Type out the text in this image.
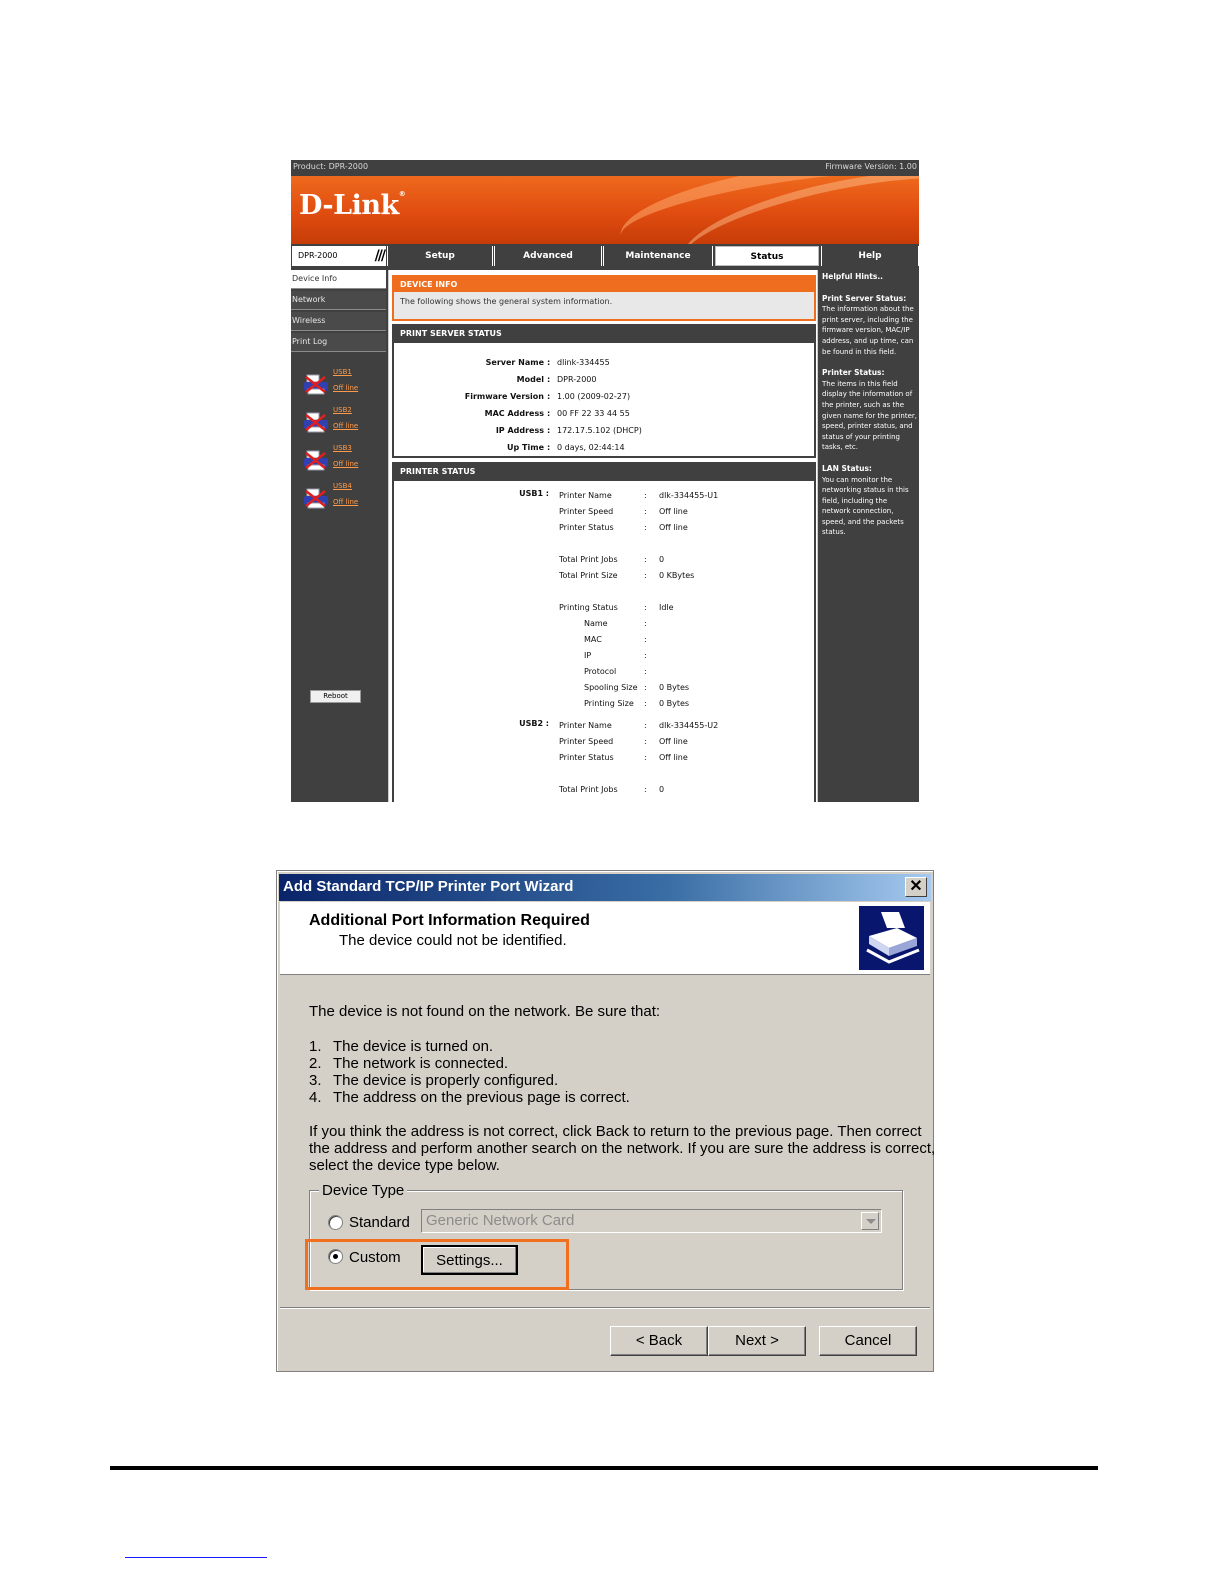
Product: DPR-2000	Firmware Version: 1.00
D-Link®
DPR-2000	///	Setup	Advanced	Maintenance	Status	Help
Device Info
Network
Wireless
Print Log
USB1
Off line
USB2
Off line
USB3
Off line
USB4
Off line
Reboot
DEVICE INFO
The following shows the general system information.
PRINT SERVER STATUS
Server Name : dlink-334455
Model : DPR-2000
Firmware Version : 1.00 (2009-02-27)
MAC Address : 00 FF 22 33 44 55
IP Address : 172.17.5.102 (DHCP)
Up Time : 0 days, 02:44:14
PRINTER STATUS
USB1 : Printer Name	: dlk-334455-U1
Printer Speed	: Off line
Printer Status	: Off line
Total Print Jobs	: 0
Total Print Size	: 0 KBytes
Printing Status	: Idle
Name	:
MAC	:
IP	:
Protocol	:
Spooling Size : 0 Bytes
Printing Size : 0 Bytes
USB2 : Printer Name	: dlk-334455-U2
Printer Speed	: Off line
Printer Status	: Off line
Total Print Jobs	: 0
Helpful Hints..
Print Server Status:

The information about the print server, including the firmware version, MAC/IP address, and up time, can be found in this field.

Printer Status:

The items in this field display the information of the printer, such as the given name for the printer, speed, printer status, and status of your printing tasks, etc.

LAN Status:

You can monitor the networking status in this field, including the network connection, speed, and the packets status.

Add Standard TCP/IP Printer Port Wizard	✕
Additional Port Information Required
The device could not be identified.
The device is not found on the network. Be sure that:
1. The device is turned on.
2. The network is connected.
3. The device is properly configured.
4. The address on the previous page is correct.
If you think the address is not correct, click Back to return to the previous page. Then correct
the address and perform another search on the network. If you are sure the address is correct,
select the device type below.
Device Type
Standard Generic Network Card
Custom	Settings...
< Back	Next >	Cancel
